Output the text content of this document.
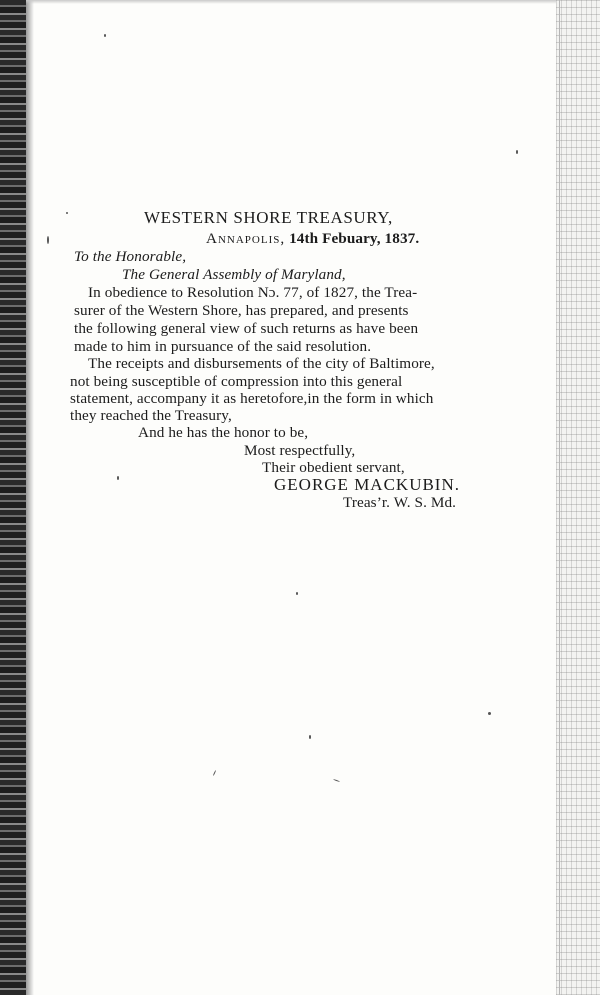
WESTERN SHORE TREASURY,
Annapolis, 14th Febuary, 1837.
To the Honorable,
The General Assembly of Maryland,
In obedience to Resolution Nɔ. 77, of 1827, the Trea-
surer of the Western Shore, has prepared, and presents
the following general view of such returns as have been
made to him in pursuance of the said resolution.
The receipts and disbursements of the city of Baltimore,
not being susceptible of compression into this general
statement, accompany it as heretofore,in the form in which
they reached the Treasury,
And he has the honor to be,
Most respectfully,
Their obedient servant,
GEORGE MACKUBIN.
Treas’r. W. S. Md.
